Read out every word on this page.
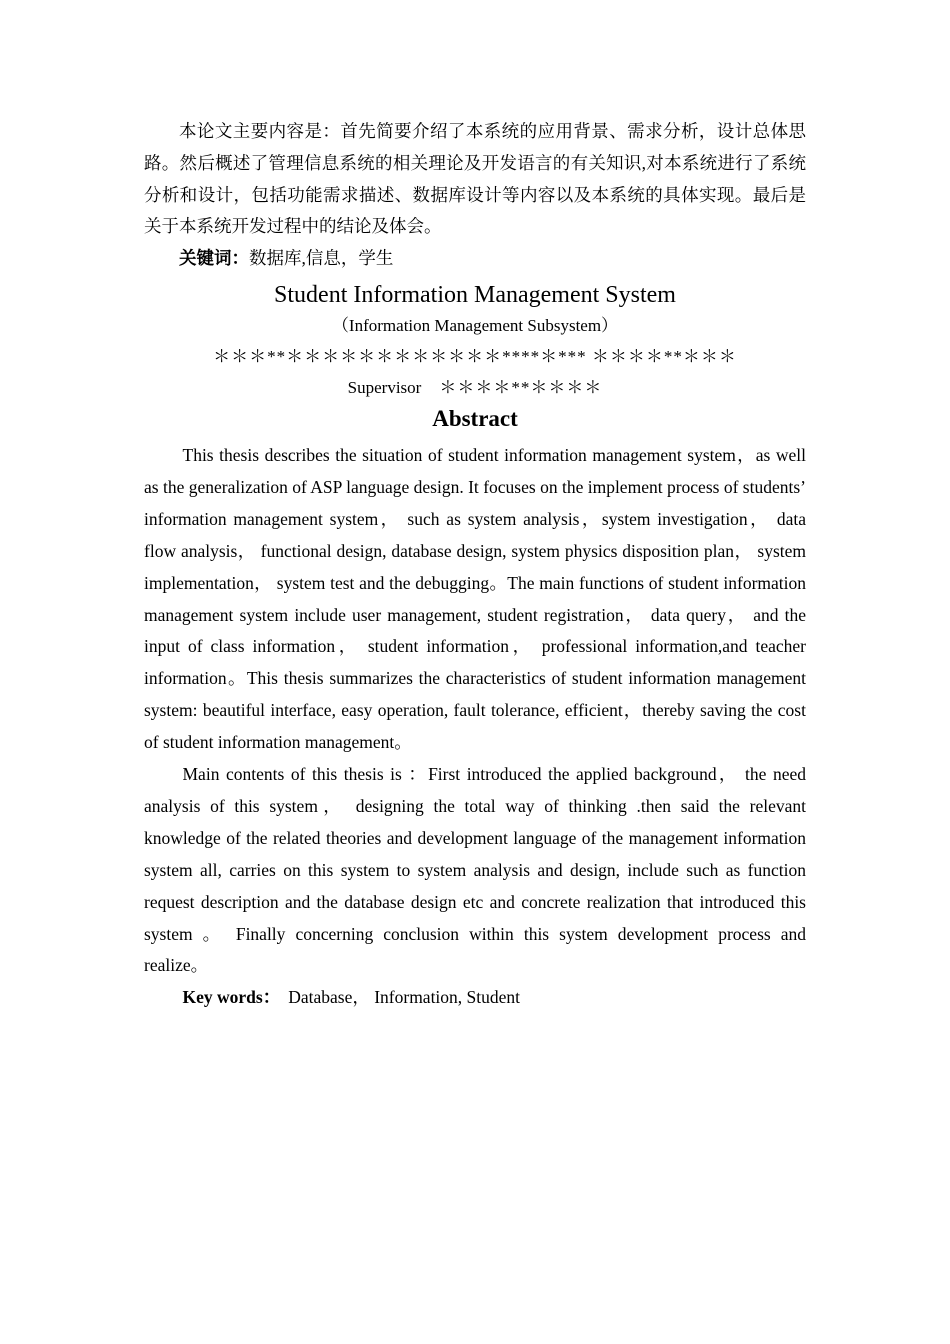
本论文主要内容是：首先简要介绍了本系统的应用背景、需求分析，设计总体思路。然后概述了管理信息系统的相关理论及开发语言的有关知识,对本系统进行了系统分析和设计，包括功能需求描述、数据库设计等内容以及本系统的具体实现。最后是关于本系统开发过程中的结论及体会。

关键词：数据库,信息，学生

Student Information Management System

（Information Management Subsystem）

＊＊＊**＊＊＊＊＊＊＊＊＊＊＊＊****＊*** ＊＊＊＊**＊＊＊

Supervisor ＊＊＊＊**＊＊＊＊

Abstract

This thesis describes the situation of student information management system，as well as the generalization of ASP language design. It focuses on the implement process of students’ information management system， such as system analysis，system investigation， data flow analysis， functional design, database design, system physics disposition plan， system implementation， system test and the debugging。The main functions of student information management system include user management, student registration， data query， and the input of class information， student information， professional information,and teacher information。This thesis summarizes the characteristics of student information management system: beautiful interface, easy operation, fault tolerance, efficient，thereby saving the cost of student information management。

Main contents of this thesis is ：First introduced the applied background， the need analysis of this system， designing the total way of thinking .then said the relevant knowledge of the related theories and development language of the management information system all, carries on this system to system analysis and design, include such as function request description and the database design etc and concrete realization that introduced this system 。 Finally concerning conclusion within this system development process and realize。

Key words： Database， Information, Student
